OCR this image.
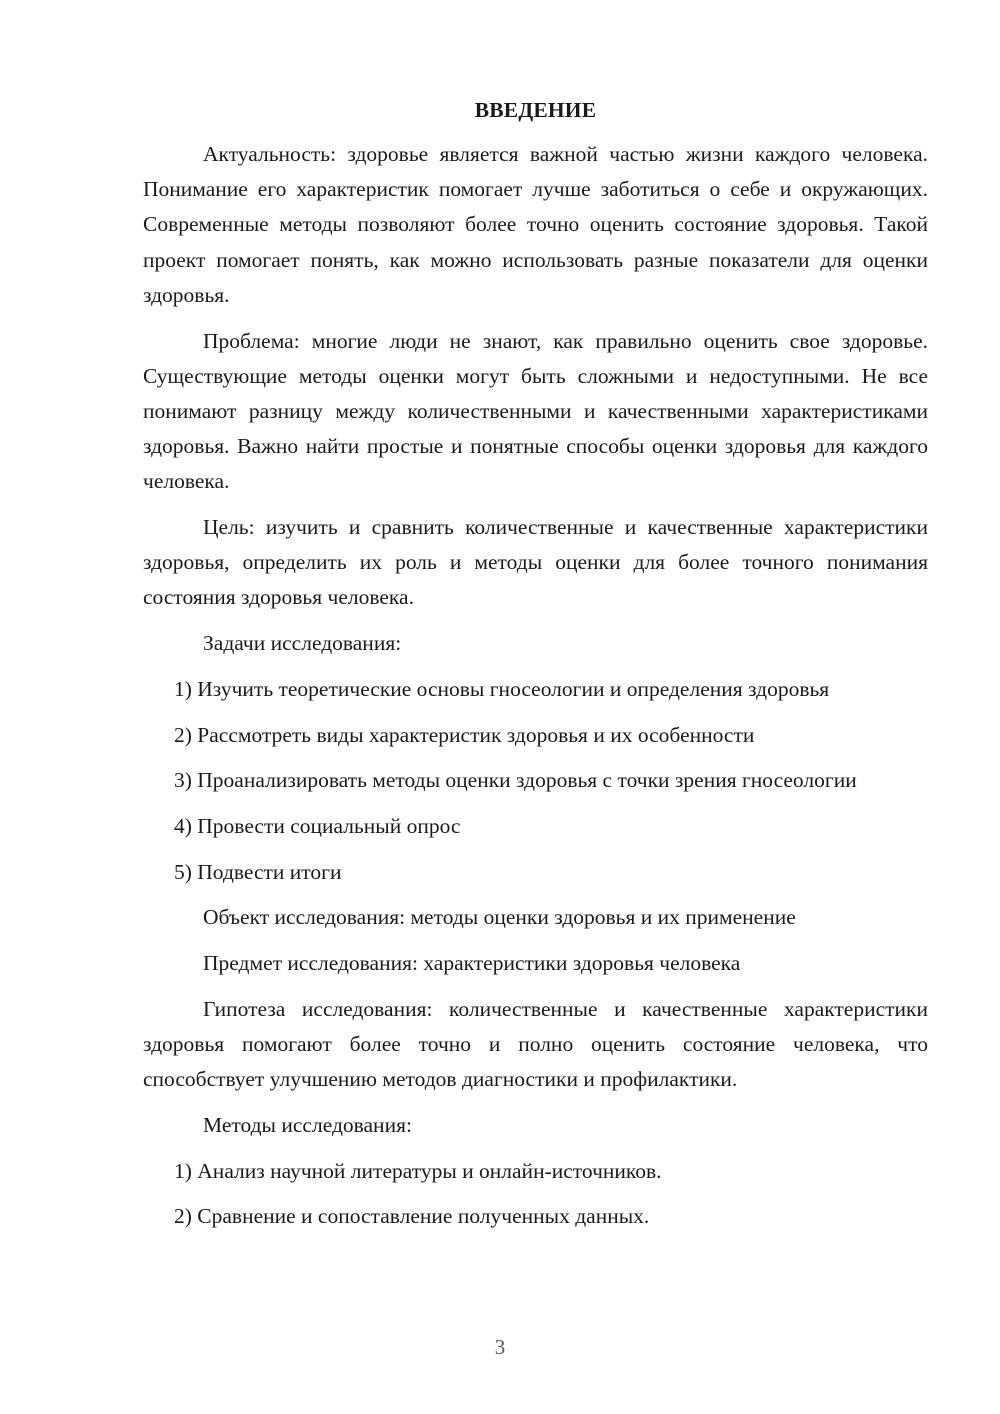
ВВЕДЕНИЕ

Актуальность: здоровье является важной частью жизни каждого человека. Понимание его характеристик помогает лучше заботиться о себе и окружающих. Современные методы позволяют более точно оценить состояние здоровья. Такой проект помогает понять, как можно использовать разные показатели для оценки здоровья.

Проблема: многие люди не знают, как правильно оценить свое здоровье. Существующие методы оценки могут быть сложными и недоступными. Не все понимают разницу между количественными и качественными характеристиками здоровья. Важно найти простые и понятные способы оценки здоровья для каждого человека.

Цель: изучить и сравнить количественные и качественные характеристики здоровья, определить их роль и методы оценки для более точного понимания состояния здоровья человека.

Задачи исследования:

1) Изучить теоретические основы гносеологии и определения здоровья

2) Рассмотреть виды характеристик здоровья и их особенности

3) Проанализировать методы оценки здоровья с точки зрения гносеологии

4) Провести социальный опрос

5) Подвести итоги

Объект исследования: методы оценки здоровья и их применение

Предмет исследования: характеристики здоровья человека

Гипотеза исследования: количественные и качественные характеристики здоровья помогают более точно и полно оценить состояние человека, что способствует улучшению методов диагностики и профилактики.

Методы исследования:

1) Анализ научной литературы и онлайн-источников.

2) Сравнение и сопоставление полученных данных.

3
